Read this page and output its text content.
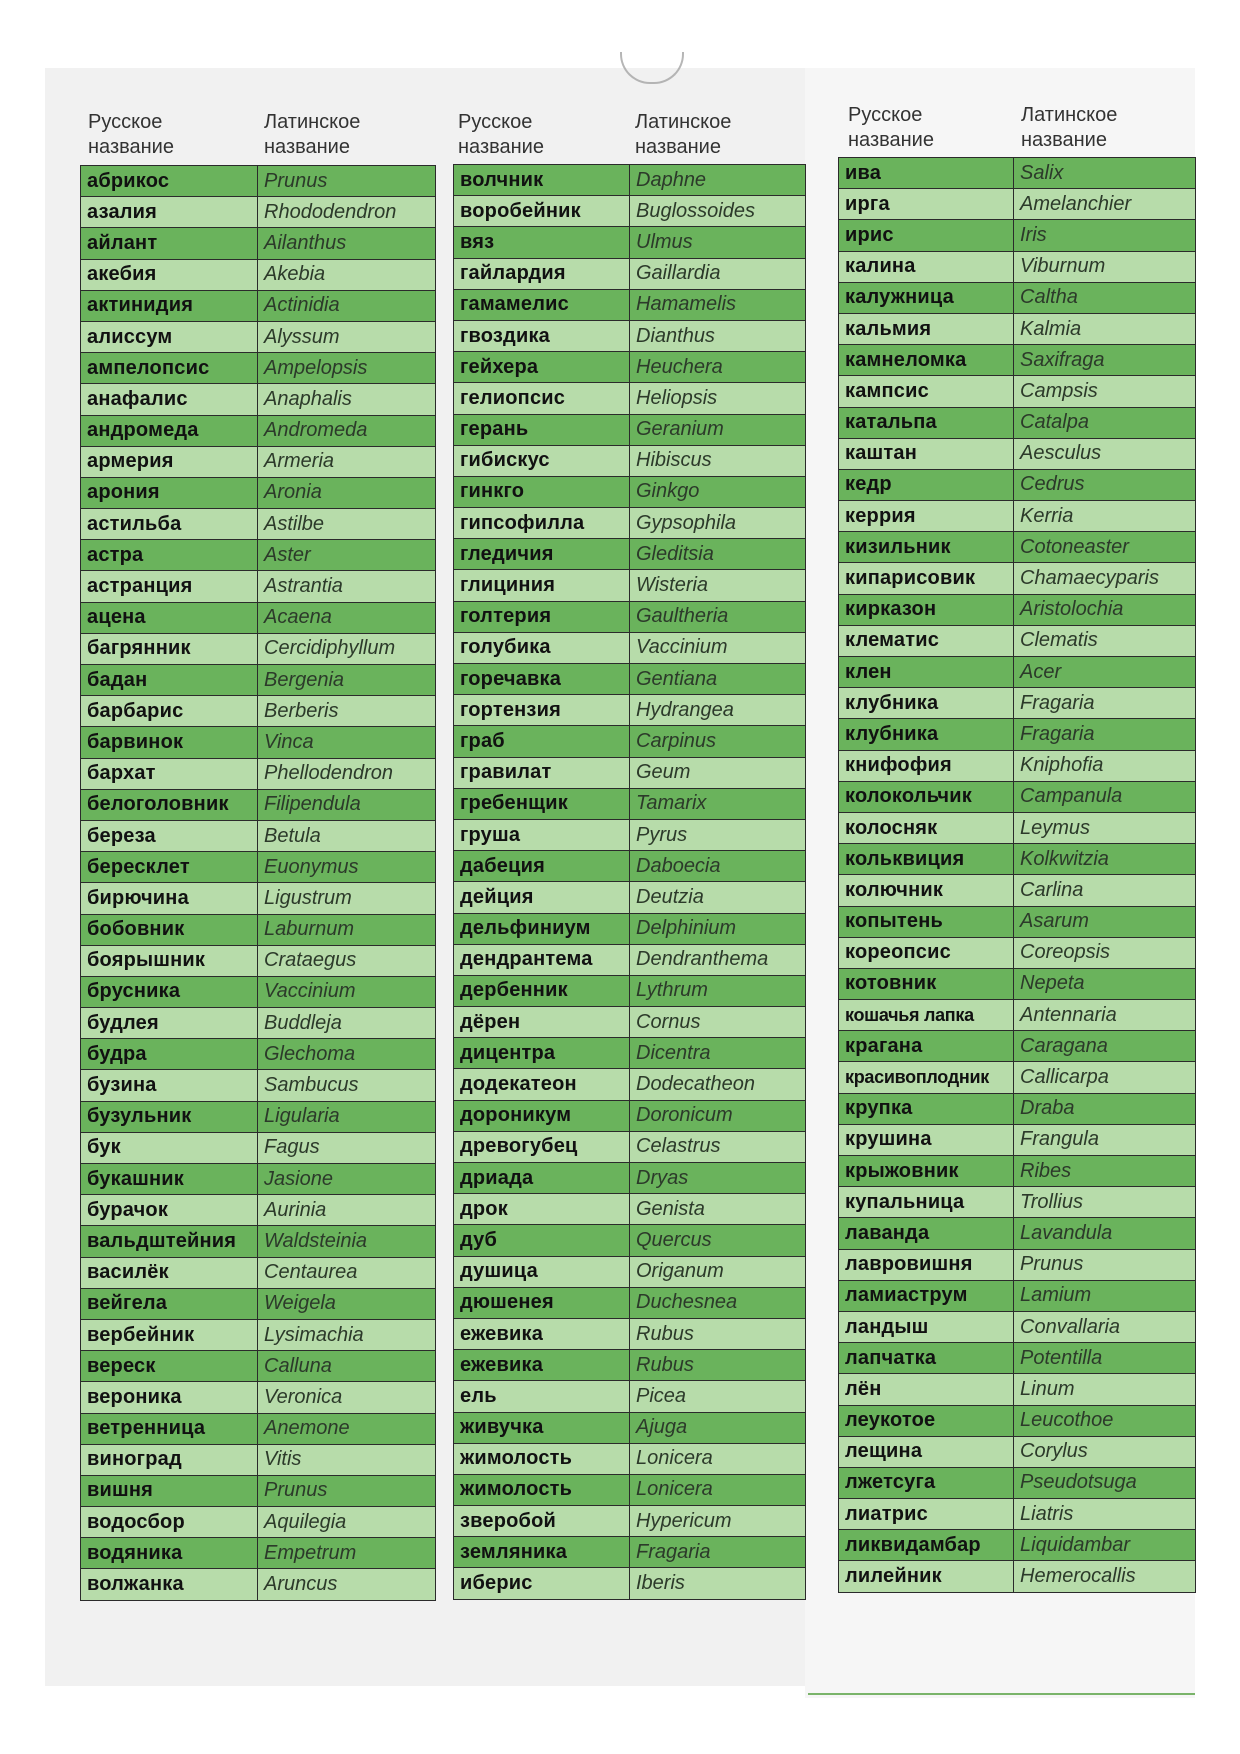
Русское
название
Латинское
название
абрикос	Prunus
азалия	Rhododendron
айлант	Ailanthus
акебия	Akebia
актинидия	Actinidia
алиссум	Alyssum
ампелопсис	Ampelopsis
анафалис	Anaphalis
андромеда	Andromeda
армерия	Armeria
арония	Aronia
астильба	Astilbe
астра	Aster
астранция	Astrantia
ацена	Acaena
багрянник	Cercidiphyllum
бадан	Bergenia
барбарис	Berberis
барвинок	Vinca
бархат	Phellodendron
белоголовник	Filipendula
береза	Betula
бересклет	Euonymus
бирючина	Ligustrum
бобовник	Laburnum
боярышник	Crataegus
брусника	Vaccinium
будлея	Buddleja
будра	Glechoma
бузина	Sambucus
бузульник	Ligularia
бук	Fagus
букашник	Jasione
бурачок	Aurinia
вальдштейния	Waldsteinia
василёк	Centaurea
вейгела	Weigela
вербейник	Lysimachia
вереск	Calluna
вероника	Veronica
ветренница	Anemone
виноград	Vitis
вишня	Prunus
водосбор	Aquilegia
водяника	Empetrum
волжанка	Aruncus
Русское
название
Латинское
название
волчник	Daphne
воробейник	Buglossoides
вяз	Ulmus
гайлардия	Gaillardia
гамамелис	Hamamelis
гвоздика	Dianthus
гейхера	Heuchera
гелиопсис	Heliopsis
герань	Geranium
гибискус	Hibiscus
гинкго	Ginkgo
гипсофилла	Gypsophila
гледичия	Gleditsia
глициния	Wisteria
голтерия	Gaultheria
голубика	Vaccinium
горечавка	Gentiana
гортензия	Hydrangea
граб	Carpinus
гравилат	Geum
гребенщик	Tamarix
груша	Pyrus
дабеция	Daboecia
дейция	Deutzia
дельфиниум	Delphinium
дендрантема	Dendranthema
дербенник	Lythrum
дёрен	Cornus
дицентра	Dicentra
додекатеон	Dodecatheon
дороникум	Doronicum
древогубец	Celastrus
дриада	Dryas
дрок	Genista
дуб	Quercus
душица	Origanum
дюшенея	Duchesnea
ежевика	Rubus
ежевика	Rubus
ель	Picea
живучка	Ajuga
жимолость	Lonicera
жимолость	Lonicera
зверобой	Hypericum
земляника	Fragaria
иберис	Iberis
Русское
название
Латинское
название
ива	Salix
ирга	Amelanchier
ирис	Iris
калина	Viburnum
калужница	Caltha
кальмия	Kalmia
камнеломка	Saxifraga
кампсис	Campsis
катальпа	Catalpa
каштан	Aesculus
кедр	Cedrus
керрия	Kerria
кизильник	Cotoneaster
кипарисовик	Chamaecyparis
кирказон	Aristolochia
клематис	Clematis
клен	Acer
клубника	Fragaria
клубника	Fragaria
книфофия	Kniphofia
колокольчик	Campanula
колосняк	Leymus
кольквиция	Kolkwitzia
колючник	Carlina
копытень	Asarum
кореопсис	Coreopsis
котовник	Nepeta
кошачья лапка	Antennaria
крагана	Caragana
красивоплодник	Callicarpa
крупка	Draba
крушина	Frangula
крыжовник	Ribes
купальница	Trollius
лаванда	Lavandula
лавровишня	Prunus
ламиаструм	Lamium
ландыш	Convallaria
лапчатка	Potentilla
лён	Linum
леукотое	Leucothoe
лещина	Corylus
лжетсуга	Pseudotsuga
лиатрис	Liatris
ликвидамбар	Liquidambar
лилейник	Hemerocallis
